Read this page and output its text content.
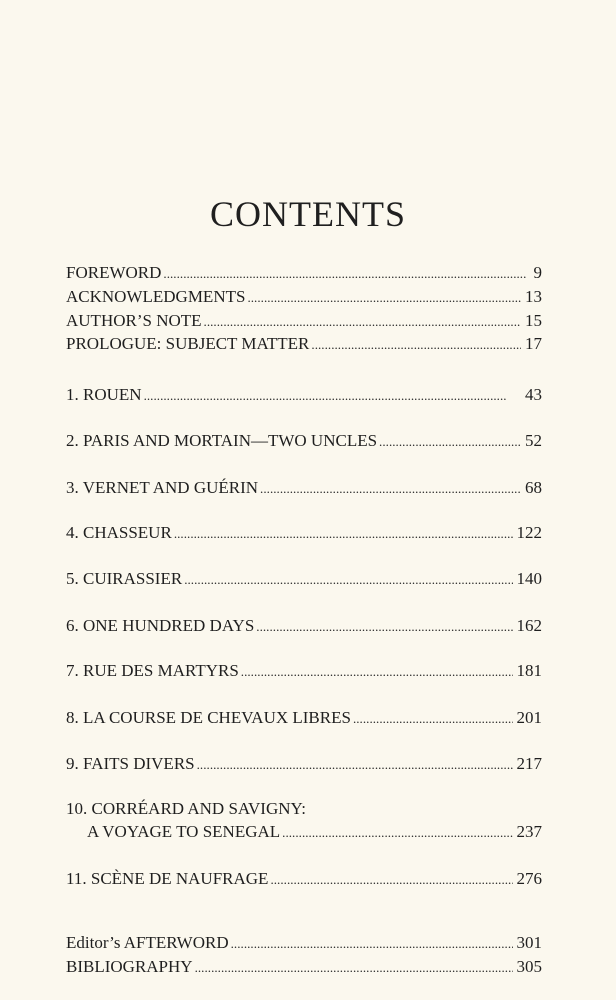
CONTENTS
FOREWORD . . .	9
ACKNOWLEDGMENTS . . .	13
AUTHOR’S NOTE . . .	15
PROLOGUE: SUBJECT MATTER . . .	17
1. ROUEN . . .	43
2. PARIS AND MORTAIN—TWO UNCLES . . .	52
3. VERNET AND GUÉRIN . . .	68
4. CHASSEUR . . .	122
5. CUIRASSIER . . .	140
6. ONE HUNDRED DAYS . . .	162
7. RUE DES MARTYRS . . .	181
8. LA COURSE DE CHEVAUX LIBRES . . .	201
9. FAITS DIVERS . . .	217
10. CORRÉARD AND SAVIGNY:
A VOYAGE TO SENEGAL . . .	237
11. SCÈNE DE NAUFRAGE . . .	276
Editor’s AFTERWORD . . .	301
BIBLIOGRAPHY . . .	305
